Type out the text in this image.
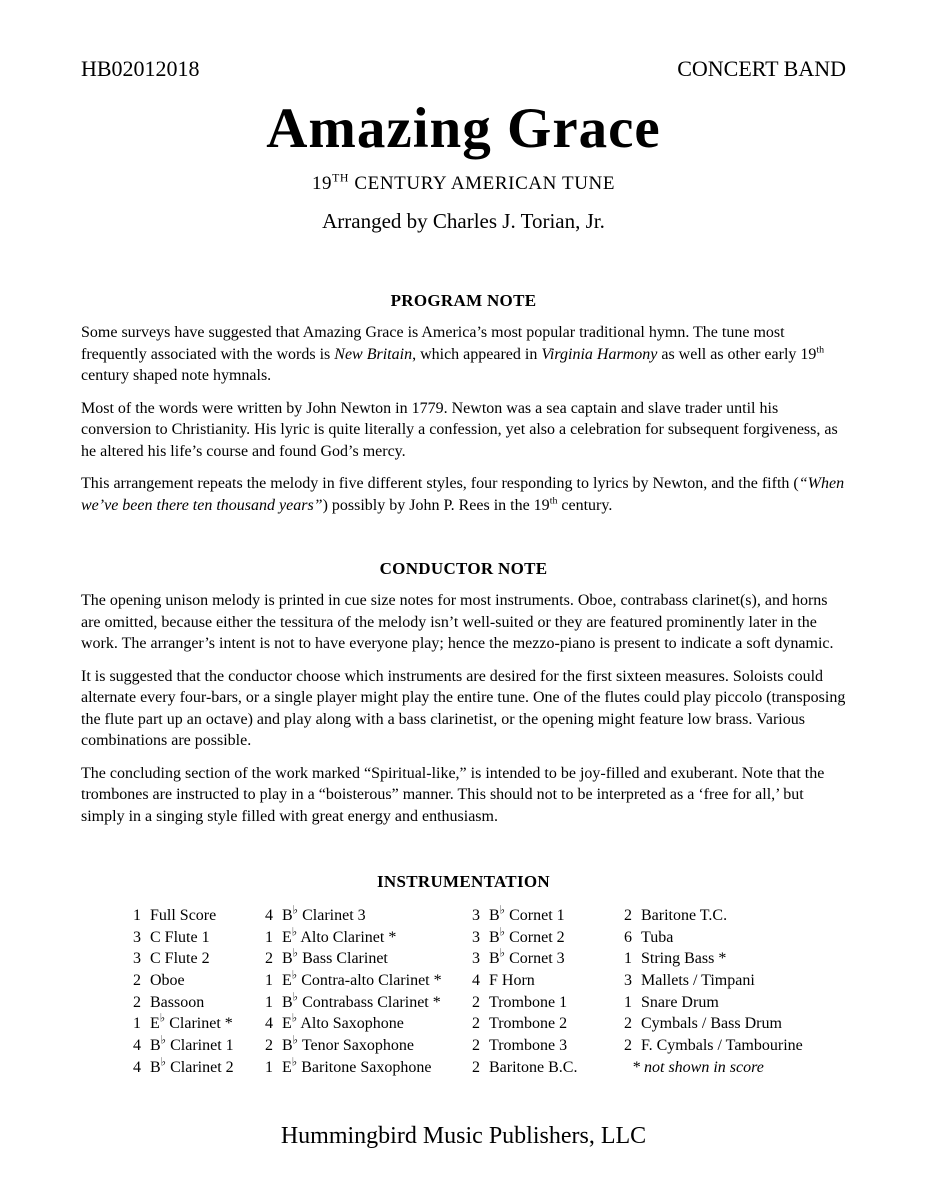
HB02012018	CONCERT BAND
Amazing Grace
19TH CENTURY AMERICAN TUNE
Arranged by Charles J. Torian, Jr.
PROGRAM NOTE

Some surveys have suggested that Amazing Grace is America’s most popular traditional hymn. The tune most frequently associated with the words is New Britain, which appeared in Virginia Harmony as well as other early 19th century shaped note hymnals.

Most of the words were written by John Newton in 1779. Newton was a sea captain and slave trader until his conversion to Christianity. His lyric is quite literally a confession, yet also a celebration for subsequent forgiveness, as he altered his life’s course and found God’s mercy.

This arrangement repeats the melody in five different styles, four responding to lyrics by Newton, and the fifth (“When we’ve been there ten thousand years”) possibly by John P. Rees in the 19th century.

CONDUCTOR NOTE

The opening unison melody is printed in cue size notes for most instruments. Oboe, contrabass clarinet(s), and horns are omitted, because either the tessitura of the melody isn’t well-suited or they are featured prominently later in the work. The arranger’s intent is not to have everyone play; hence the mezzo-piano is present to indicate a soft dynamic.

It is suggested that the conductor choose which instruments are desired for the first sixteen measures. Soloists could alternate every four-bars, or a single player might play the entire tune. One of the flutes could play piccolo (transposing the flute part up an octave) and play along with a bass clarinetist, or the opening might feature low brass. Various combinations are possible.

The concluding section of the work marked “Spiritual-like,” is intended to be joy-filled and exuberant. Note that the trombones are instructed to play in a “boisterous” manner. This should not to be interpreted as a ‘free for all,’ but simply in a singing style filled with great energy and enthusiasm.

INSTRUMENTATION
1 Full Score
3 C Flute 1
3 C Flute 2
2 Oboe
2 Bassoon
1 E♭ Clarinet *
4 B♭ Clarinet 1
4 B♭ Clarinet 2
4 B♭ Clarinet 3
1 E♭ Alto Clarinet *
2 B♭ Bass Clarinet
1 E♭ Contra-alto Clarinet *
1 B♭ Contrabass Clarinet *
4 E♭ Alto Saxophone
2 B♭ Tenor Saxophone
1 E♭ Baritone Saxophone
3 B♭ Cornet 1
3 B♭ Cornet 2
3 B♭ Cornet 3
4 F Horn
2 Trombone 1
2 Trombone 2
2 Trombone 3
2 Baritone B.C.
2 Baritone T.C.
6 Tuba
1 String Bass *
3 Mallets / Timpani
1 Snare Drum
2 Cymbals / Bass Drum
2 F. Cymbals / Tambourine
* not shown in score
Hummingbird Music Publishers, LLC
